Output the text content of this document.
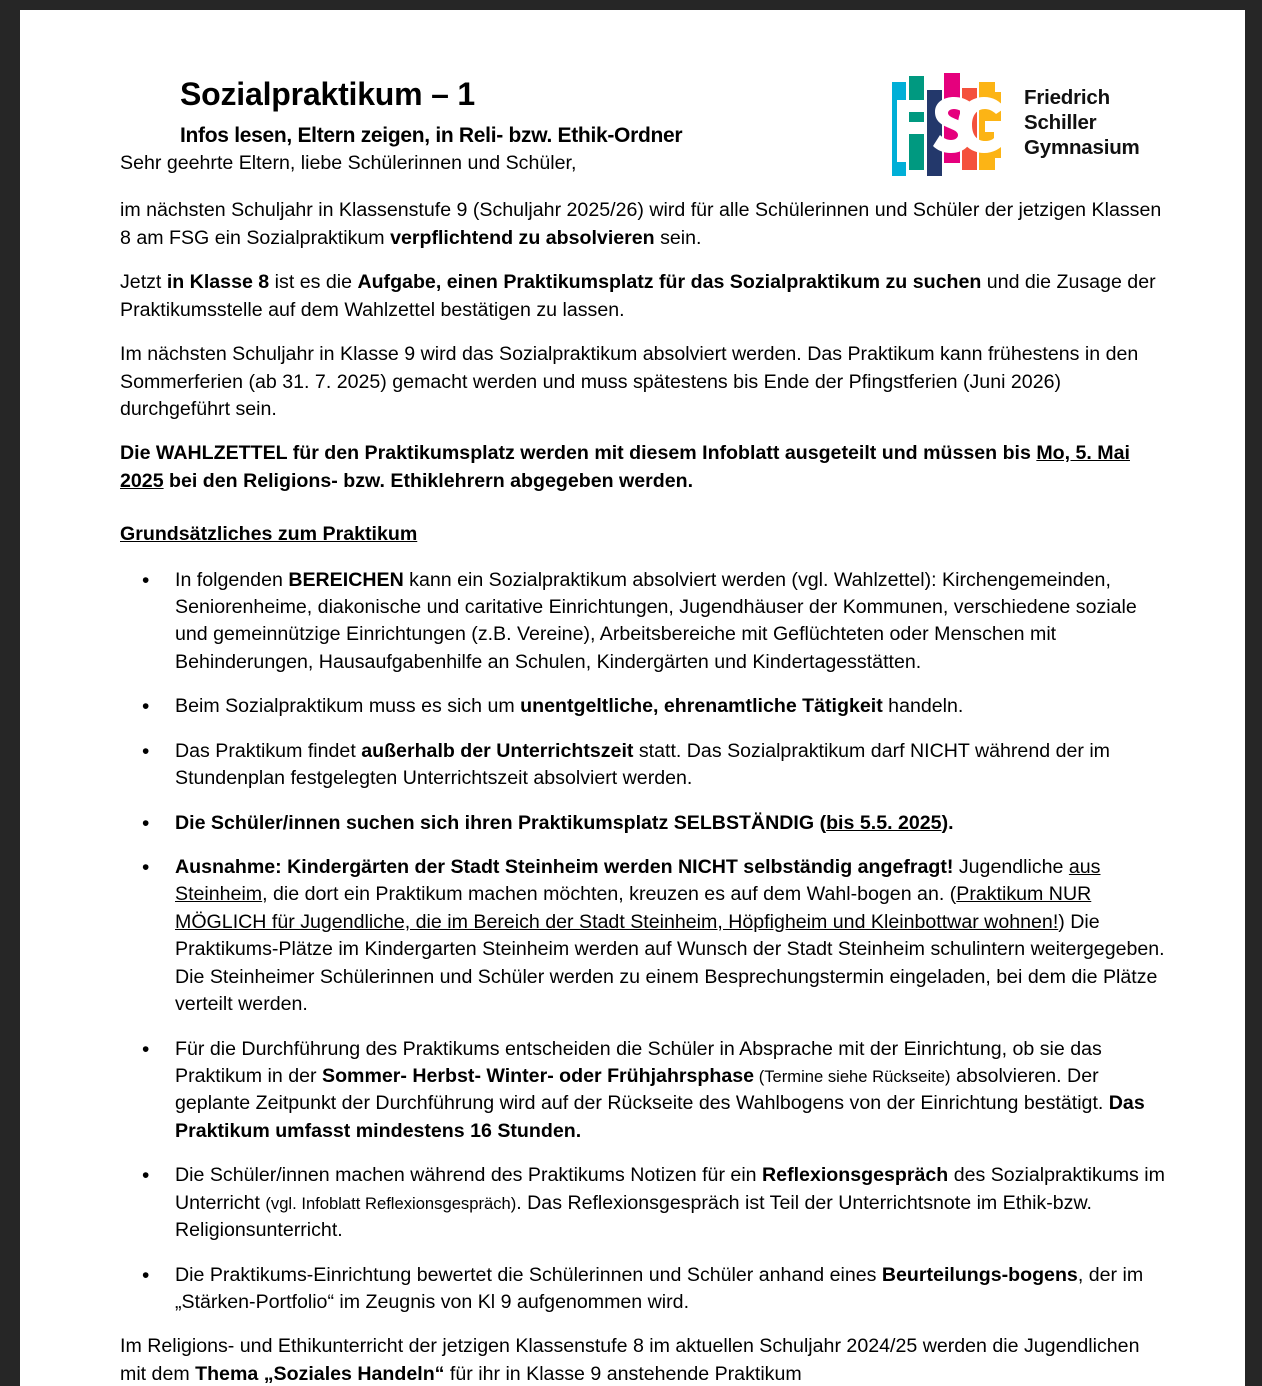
Sozialpraktikum – 1
Infos lesen, Eltern zeigen, in Reli- bzw. Ethik-Ordner
Friedrich
Schiller
Gymnasium

Sehr geehrte Eltern, liebe Schülerinnen und Schüler,

im nächsten Schuljahr in Klassenstufe 9 (Schuljahr 2025/26) wird für alle Schülerinnen und Schüler der jetzigen Klassen 8 am FSG ein Sozialpraktikum verpflichtend zu absolvieren sein.

Jetzt in Klasse 8 ist es die Aufgabe, einen Praktikumsplatz für das Sozialpraktikum zu suchen und die Zusage der Praktikumsstelle auf dem Wahlzettel bestätigen zu lassen.

Im nächsten Schuljahr in Klasse 9 wird das Sozialpraktikum absolviert werden. Das Praktikum kann frühestens in den Sommerferien (ab 31. 7. 2025) gemacht werden und muss spätestens bis Ende der Pfingstferien (Juni 2026) durchgeführt sein.

Die WAHLZETTEL für den Praktikumsplatz werden mit diesem Infoblatt ausgeteilt und müssen bis Mo, 5. Mai 2025 bei den Religions- bzw. Ethiklehrern abgegeben werden.

Grundsätzliches zum Praktikum
• In folgenden BEREICHEN kann ein Sozialpraktikum absolviert werden (vgl. Wahlzettel): Kirchengemeinden, Seniorenheime, diakonische und caritative Einrichtungen, Jugendhäuser der Kommunen, verschiedene soziale und gemeinnützige Einrichtungen (z.B. Vereine), Arbeitsbereiche mit Geflüchteten oder Menschen mit Behinderungen, Hausaufgabenhilfe an Schulen, Kindergärten und Kindertagesstätten.
• Beim Sozialpraktikum muss es sich um unentgeltliche, ehrenamtliche Tätigkeit handeln.
• Das Praktikum findet außerhalb der Unterrichtszeit statt. Das Sozialpraktikum darf NICHT während der im Stundenplan festgelegten Unterrichtszeit absolviert werden.
• Die Schüler/innen suchen sich ihren Praktikumsplatz SELBSTÄNDIG (bis 5.5. 2025).
• Ausnahme: Kindergärten der Stadt Steinheim werden NICHT selbständig angefragt! Jugendliche aus Steinheim, die dort ein Praktikum machen möchten, kreuzen es auf dem Wahl-bogen an. (Praktikum NUR MÖGLICH für Jugendliche, die im Bereich der Stadt Steinheim, Höpfigheim und Kleinbottwar wohnen!) Die Praktikums-Plätze im Kindergarten Steinheim werden auf Wunsch der Stadt Steinheim schulintern weitergegeben. Die Steinheimer Schülerinnen und Schüler werden zu einem Besprechungstermin eingeladen, bei dem die Plätze verteilt werden.
• Für die Durchführung des Praktikums entscheiden die Schüler in Absprache mit der Einrichtung, ob sie das Praktikum in der Sommer- Herbst- Winter- oder Frühjahrsphase (Termine siehe Rückseite) absolvieren. Der geplante Zeitpunkt der Durchführung wird auf der Rückseite des Wahlbogens von der Einrichtung bestätigt. Das Praktikum umfasst mindestens 16 Stunden.
• Die Schüler/innen machen während des Praktikums Notizen für ein Reflexionsgespräch des Sozialpraktikums im Unterricht (vgl. Infoblatt Reflexionsgespräch). Das Reflexionsgespräch ist Teil der Unterrichtsnote im Ethik-bzw. Religionsunterricht.
• Die Praktikums-Einrichtung bewertet die Schülerinnen und Schüler anhand eines Beurteilungs-bogens, der im „Stärken-Portfolio“ im Zeugnis von Kl 9 aufgenommen wird.

Im Religions- und Ethikunterricht der jetzigen Klassenstufe 8 im aktuellen Schuljahr 2024/25 werden die Jugendlichen mit dem Thema „Soziales Handeln“ für ihr in Klasse 9 anstehende Praktikum
